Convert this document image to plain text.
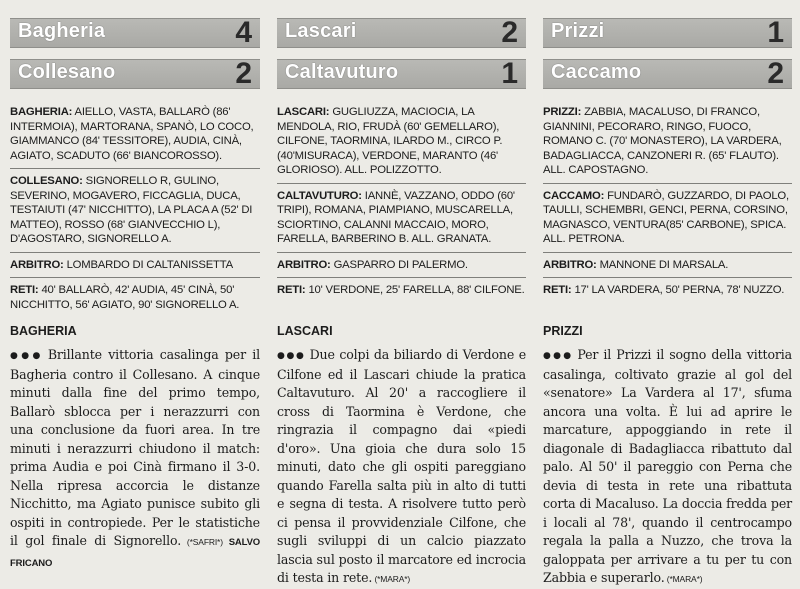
Bagheria	4
Collesano	2
BAGHERIA: AIELLO, VASTA, BALLARÒ (86' INTERMOIA), MARTORANA, SPANÒ, LO COCO, GIAMMANCO (84' TESSITORE), AUDIA, CINÀ, AGIATO, SCADUTO (66' BIANCOROSSO).
COLLESANO: SIGNORELLO R, GULINO, SEVERINO, MOGAVERO, FICCAGLIA, DUCA, TESTAIUTI (47' NICCHITTO), LA PLACA A (52' DI MATTEO), ROSSO (68' GIANVECCHIO L), D'AGOSTARO, SIGNORELLO A.
ARBITRO: LOMBARDO DI CALTANISSETTA
RETI: 40' BALLARÒ, 42' AUDIA, 45' CINÀ, 50' NICCHITTO, 56' AGIATO, 90' SIGNORELLO A.
BAGHERIA
●●● Brillante vittoria casalinga per il Bagheria contro il Collesano. A cinque minuti dalla fine del primo tempo, Ballarò sblocca per i nerazzurri con una conclusione da fuori area. In tre minuti i nerazzurri chiudono il match: prima Audia e poi Cinà firmano il 3-0. Nella ripresa accorcia le distanze Nicchitto, ma Agiato punisce subito gli ospiti in contropiede. Per le statistiche il gol finale di Signorello. (*SAFRI*) SALVO FRICANO
Lascari	2
Caltavuturo	1
LASCARI: GUGLIUZZA, MACIOCIA, LA MENDOLA, RIO, FRUDÀ (60' GEMELLARO), CILFONE, TAORMINA, ILARDO M., CIRCO P. (40'MISURACA), VERDONE, MARANTO (46' GLORIOSO). ALL. POLIZZOTTO.
CALTAVUTURO: IANNÈ, VAZZANO, ODDO (60' TRIPI), ROMANA, PIAMPIANO, MUSCARELLA, SCIORTINO, CALANNI MACCAIO, MORO, FARELLA, BARBERINO B. ALL. GRANATA.
ARBITRO: GASPARRO DI PALERMO.
RETI: 10' VERDONE, 25' FARELLA, 88' CILFONE.
LASCARI
●●● Due colpi da biliardo di Verdone e Cilfone ed il Lascari chiude la pratica Caltavuturo. Al 20' a raccogliere il cross di Taormina è Verdone, che ringrazia il compagno dai «piedi d'oro». Una gioia che dura solo 15 minuti, dato che gli ospiti pareggiano quando Farella salta più in alto di tutti e segna di testa. A risolvere tutto però ci pensa il provvidenziale Cilfone, che sugli sviluppi di un calcio piazzato lascia sul posto il marcatore ed incrocia di testa in rete. (*MARA*)
Prizzi	1
Caccamo	2
PRIZZI: ZABBIA, MACALUSO, DI FRANCO, GIANNINI, PECORARO, RINGO, FUOCO, ROMANO C. (70' MONASTERO), LA VARDERA, BADAGLIACCA, CANZONERI R. (65' FLAUTO). ALL. CAPOSTAGNO.
CACCAMO: FUNDARÒ, GUZZARDO, DI PAOLO, TAULLI, SCHEMBRI, GENCI, PERNA, CORSINO, MAGNASCO, VENTURA(85' CARBONE), SPICA. ALL. PETRONA.
ARBITRO: MANNONE DI MARSALA.
RETI: 17' LA VARDERA, 50' PERNA, 78' NUZZO.
PRIZZI
●●● Per il Prizzi il sogno della vittoria casalinga, coltivato grazie al gol del «senatore» La Vardera al 17', sfuma ancora una volta. È lui ad aprire le marcature, appoggiando in rete il diagonale di Badagliacca ribattuto dal palo. Al 50' il pareggio con Perna che devia di testa in rete una ribattuta corta di Macaluso. La doccia fredda per i locali al 78', quando il centrocampo regala la palla a Nuzzo, che trova la galoppata per arrivare a tu per tu con Zabbia e superarlo. (*MARA*)
